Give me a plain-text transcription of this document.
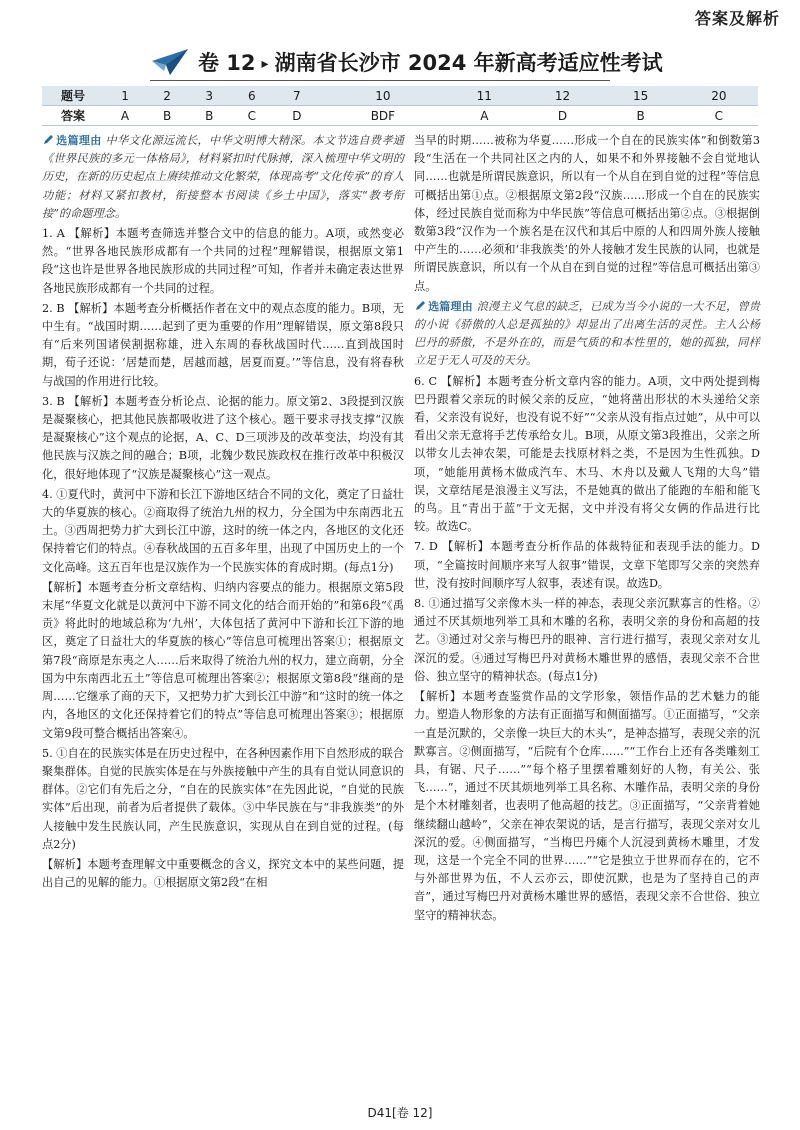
答案及解析
卷 12 ▸ 湖南省长沙市 2024 年新高考适应性考试
题号	1	2	3	6	7	10	11	12	15	20
答案	A	B	B	C	D	BDF	A	D	B	C

选篇理由 中华文化源远流长，中华文明博大精深。本文节选自费孝通《世界民族的多元一体格局》，材料紧扣时代脉搏，深入梳理中华文明的历史，在新的历史起点上赓续推动文化繁荣，体现高考“文化传承”的育人功能；材料又紧扣教材，衔接整本书阅读《乡土中国》，落实“教考衔接”的命题理念。

1. A 【解析】本题考查筛选并整合文中的信息的能力。A项，或然变必然。“世界各地民族形成都有一个共同的过程”理解错误，根据原文第1段“这也许是世界各地民族形成的共同过程”可知，作者并未确定表达世界各地民族形成都有一个共同的过程。

2. B 【解析】本题考查分析概括作者在文中的观点态度的能力。B项，无中生有。“战国时期……起到了更为重要的作用”理解错误，原文第8段只有“后来列国诸侯割据称雄，进入东周的春秋战国时代……直到战国时期，荀子还说：‘居楚而楚，居越而越，居夏而夏。’”等信息，没有将春秋与战国的作用进行比较。

3. B 【解析】本题考查分析论点、论据的能力。原文第2、3段提到汉族是凝聚核心，把其他民族都吸收进了这个核心。题干要求寻找支撑“汉族是凝聚核心”这个观点的论据，A、C、D三项涉及的改革变法，均没有其他民族与汉族之间的融合；B项，北魏少数民族政权在推行改革中积极汉化，很好地体现了“汉族是凝聚核心”这一观点。

4. ①夏代时，黄河中下游和长江下游地区结合不同的文化，奠定了日益壮大的华夏族的核心。②商取得了统治九州的权力，分全国为中东南西北五土。③西周把势力扩大到长江中游，这时的统一体之内，各地区的文化还保持着它们的特点。④春秋战国的五百多年里，出现了中国历史上的一个文化高峰。这五百年也是汉族作为一个民族实体的育成时期。(每点1分)

【解析】本题考查分析文章结构、归纳内容要点的能力。根据原文第5段末尾“华夏文化就是以黄河中下游不同文化的结合而开始的”和第6段“《禹贡》将此时的地域总称为‘九州’，大体包括了黄河中下游和长江下游的地区，奠定了日益壮大的华夏族的核心”等信息可梳理出答案①；根据原文第7段“商原是东夷之人……后来取得了统治九州的权力，建立商朝，分全国为中东南西北五土”等信息可梳理出答案②；根据原文第8段“继商的是周……它继承了商的天下，又把势力扩大到长江中游”和“这时的统一体之内，各地区的文化还保持着它们的特点”等信息可梳理出答案③；根据原文第9段可整合概括出答案④。

5. ①自在的民族实体是在历史过程中，在各种因素作用下自然形成的联合聚集群体。自觉的民族实体是在与外族接触中产生的具有自觉认同意识的群体。②它们有先后之分，“自在的民族实体”在先因此说，“自觉的民族实体”后出现，前者为后者提供了载体。③中华民族在与“非我族类”的外人接触中发生民族认同，产生民族意识，实现从自在到自觉的过程。(每点2分)

【解析】本题考查理解文中重要概念的含义，探究文本中的某些问题，提出自己的见解的能力。①根据原文第2段“在相

当早的时期……被称为华夏……形成一个自在的民族实体”和倒数第3段“生活在一个共同社区之内的人，如果不和外界接触不会自觉地认同……也就是所谓民族意识，所以有一个从自在到自觉的过程”等信息可概括出第①点。②根据原文第2段“汉族……形成一个自在的民族实体，经过民族自觉而称为中华民族”等信息可概括出第②点。③根据倒数第3段“汉作为一个族名是在汉代和其后中原的人和四周外族人接触中产生的……必须和‘非我族类’的外人接触才发生民族的认同，也就是所谓民族意识，所以有一个从自在到自觉的过程”等信息可概括出第③点。

选篇理由 浪漫主义气息的缺乏，已成为当今小说的一大不足，曾贵的小说《骄傲的人总是孤独的》却显出了出离生活的灵性。主人公杨巴丹的骄傲，不是外在的，而是气质的和本性里的，她的孤独，同样立足于无人可及的天分。

6. C 【解析】本题考查分析文章内容的能力。A项，文中两处提到梅巴丹跟着父亲玩的时候父亲的反应，“她将凿出形状的木头递给父亲看，父亲没有说好，也没有说不好”“父亲从没有指点过她”，从中可以看出父亲无意将手艺传承给女儿。B项，从原文第3段推出，父亲之所以带女儿去神农架，可能是去找原材料之类，不是因为生性孤独。D项，“她能用黄杨木做成汽车、木马、木舟以及戴人飞翔的大鸟”错误，文章结尾是浪漫主义写法，不是她真的做出了能跑的车船和能飞的鸟。且“青出于蓝”于文无据，文中并没有将父女俩的作品进行比较。故选C。

7. D 【解析】本题考查分析作品的体裁特征和表现手法的能力。D项，“全篇按时间顺序来写人叙事”错误，文章下笔即写父亲的突然弃世，没有按时间顺序写人叙事，表述有误。故选D。

8. ①通过描写父亲像木头一样的神态，表现父亲沉默寡言的性格。②通过不厌其烦地列举工具和木雕的名称，表明父亲的身份和高超的技艺。③通过对父亲与梅巴丹的眼神、言行进行描写，表现父亲对女儿深沉的爱。④通过写梅巴丹对黄杨木雕世界的感悟，表现父亲不合世俗、独立坚守的精神状态。(每点1分)

【解析】本题考查鉴赏作品的文学形象，领悟作品的艺术魅力的能力。塑造人物形象的方法有正面描写和侧面描写。①正面描写，“父亲一直是沉默的，父亲像一块巨大的木头”，是神态描写，表现父亲的沉默寡言。②侧面描写，“后院有个仓库……”“工作台上还有各类雕刻工具，有锯、尺子……”“每个格子里摆着雕刻好的人物，有关公、张飞……”，通过不厌其烦地列举工具名称、木雕作品，表明父亲的身份是个木材雕刻者，也表明了他高超的技艺。③正面描写，“父亲背着她继续翻山越岭”，父亲在神农架说的话，是言行描写，表现父亲对女儿深沉的爱。④侧面描写，“当梅巴丹瘫个人沉浸到黄杨木雕里，才发现，这是一个完全不同的世界……”“它是独立于世界而存在的，它不与外部世界为伍，不人云亦云，即使沉默，也是为了坚持自己的声音”，通过写梅巴丹对黄杨木雕世界的感悟，表现父亲不合世俗、独立坚守的精神状态。

D41[卷 12]
